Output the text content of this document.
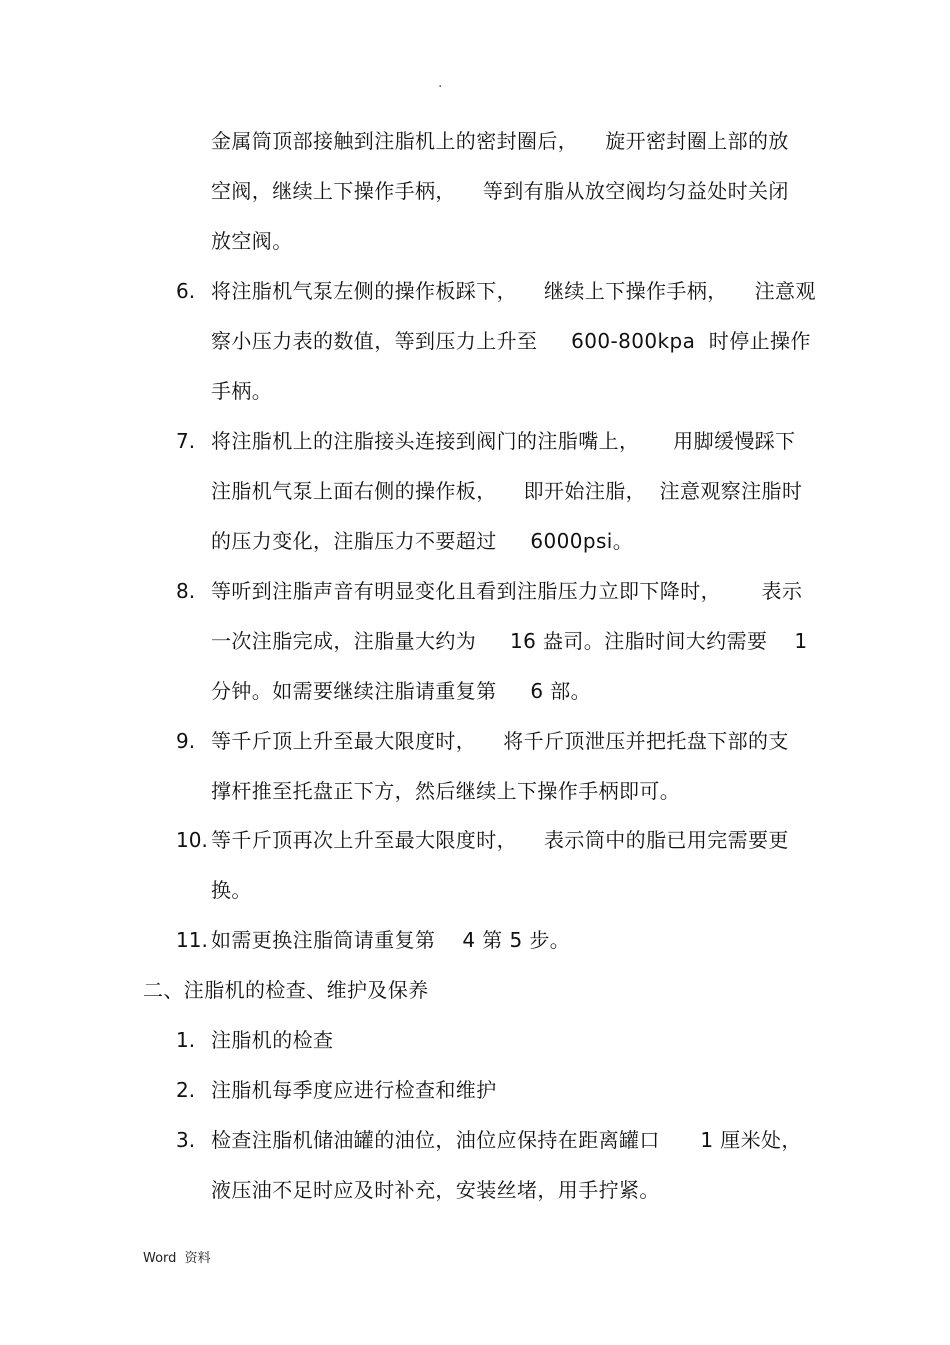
.
金属筒顶部接触到注脂机上的密封圈后，    旋开密封圈上部的放
空阀，继续上下操作手柄，    等到有脂从放空阀均匀益处时关闭
放空阀。
6. 将注脂机气泵左侧的操作板踩下，    继续上下操作手柄，    注意观
察小压力表的数值，等到压力上升至     600-800kpa  时停止操作
手柄。
7. 将注脂机上的注脂接头连接到阀门的注脂嘴上，     用脚缓慢踩下
注脂机气泵上面右侧的操作板，    即开始注脂，  注意观察注脂时
的压力变化，注脂压力不要超过     6000psi。
8. 等听到注脂声音有明显变化且看到注脂压力立即下降时，      表示
一次注脂完成，注脂量大约为     16 盎司。注脂时间大约需要    1
分钟。如需要继续注脂请重复第     6 部。
9. 等千斤顶上升至最大限度时，    将千斤顶泄压并把托盘下部的支
撑杆推至托盘正下方，然后继续上下操作手柄即可。
10. 等千斤顶再次上升至最大限度时，    表示筒中的脂已用完需要更
换。
11. 如需更换注脂筒请重复第    4 第 5 步。
二、注脂机的检查、维护及保养
1. 注脂机的检查
2. 注脂机每季度应进行检查和维护
3. 检查注脂机储油罐的油位，油位应保持在距离罐口      1 厘米处，
液压油不足时应及时补充，安装丝堵，用手拧紧。
Word  资料
